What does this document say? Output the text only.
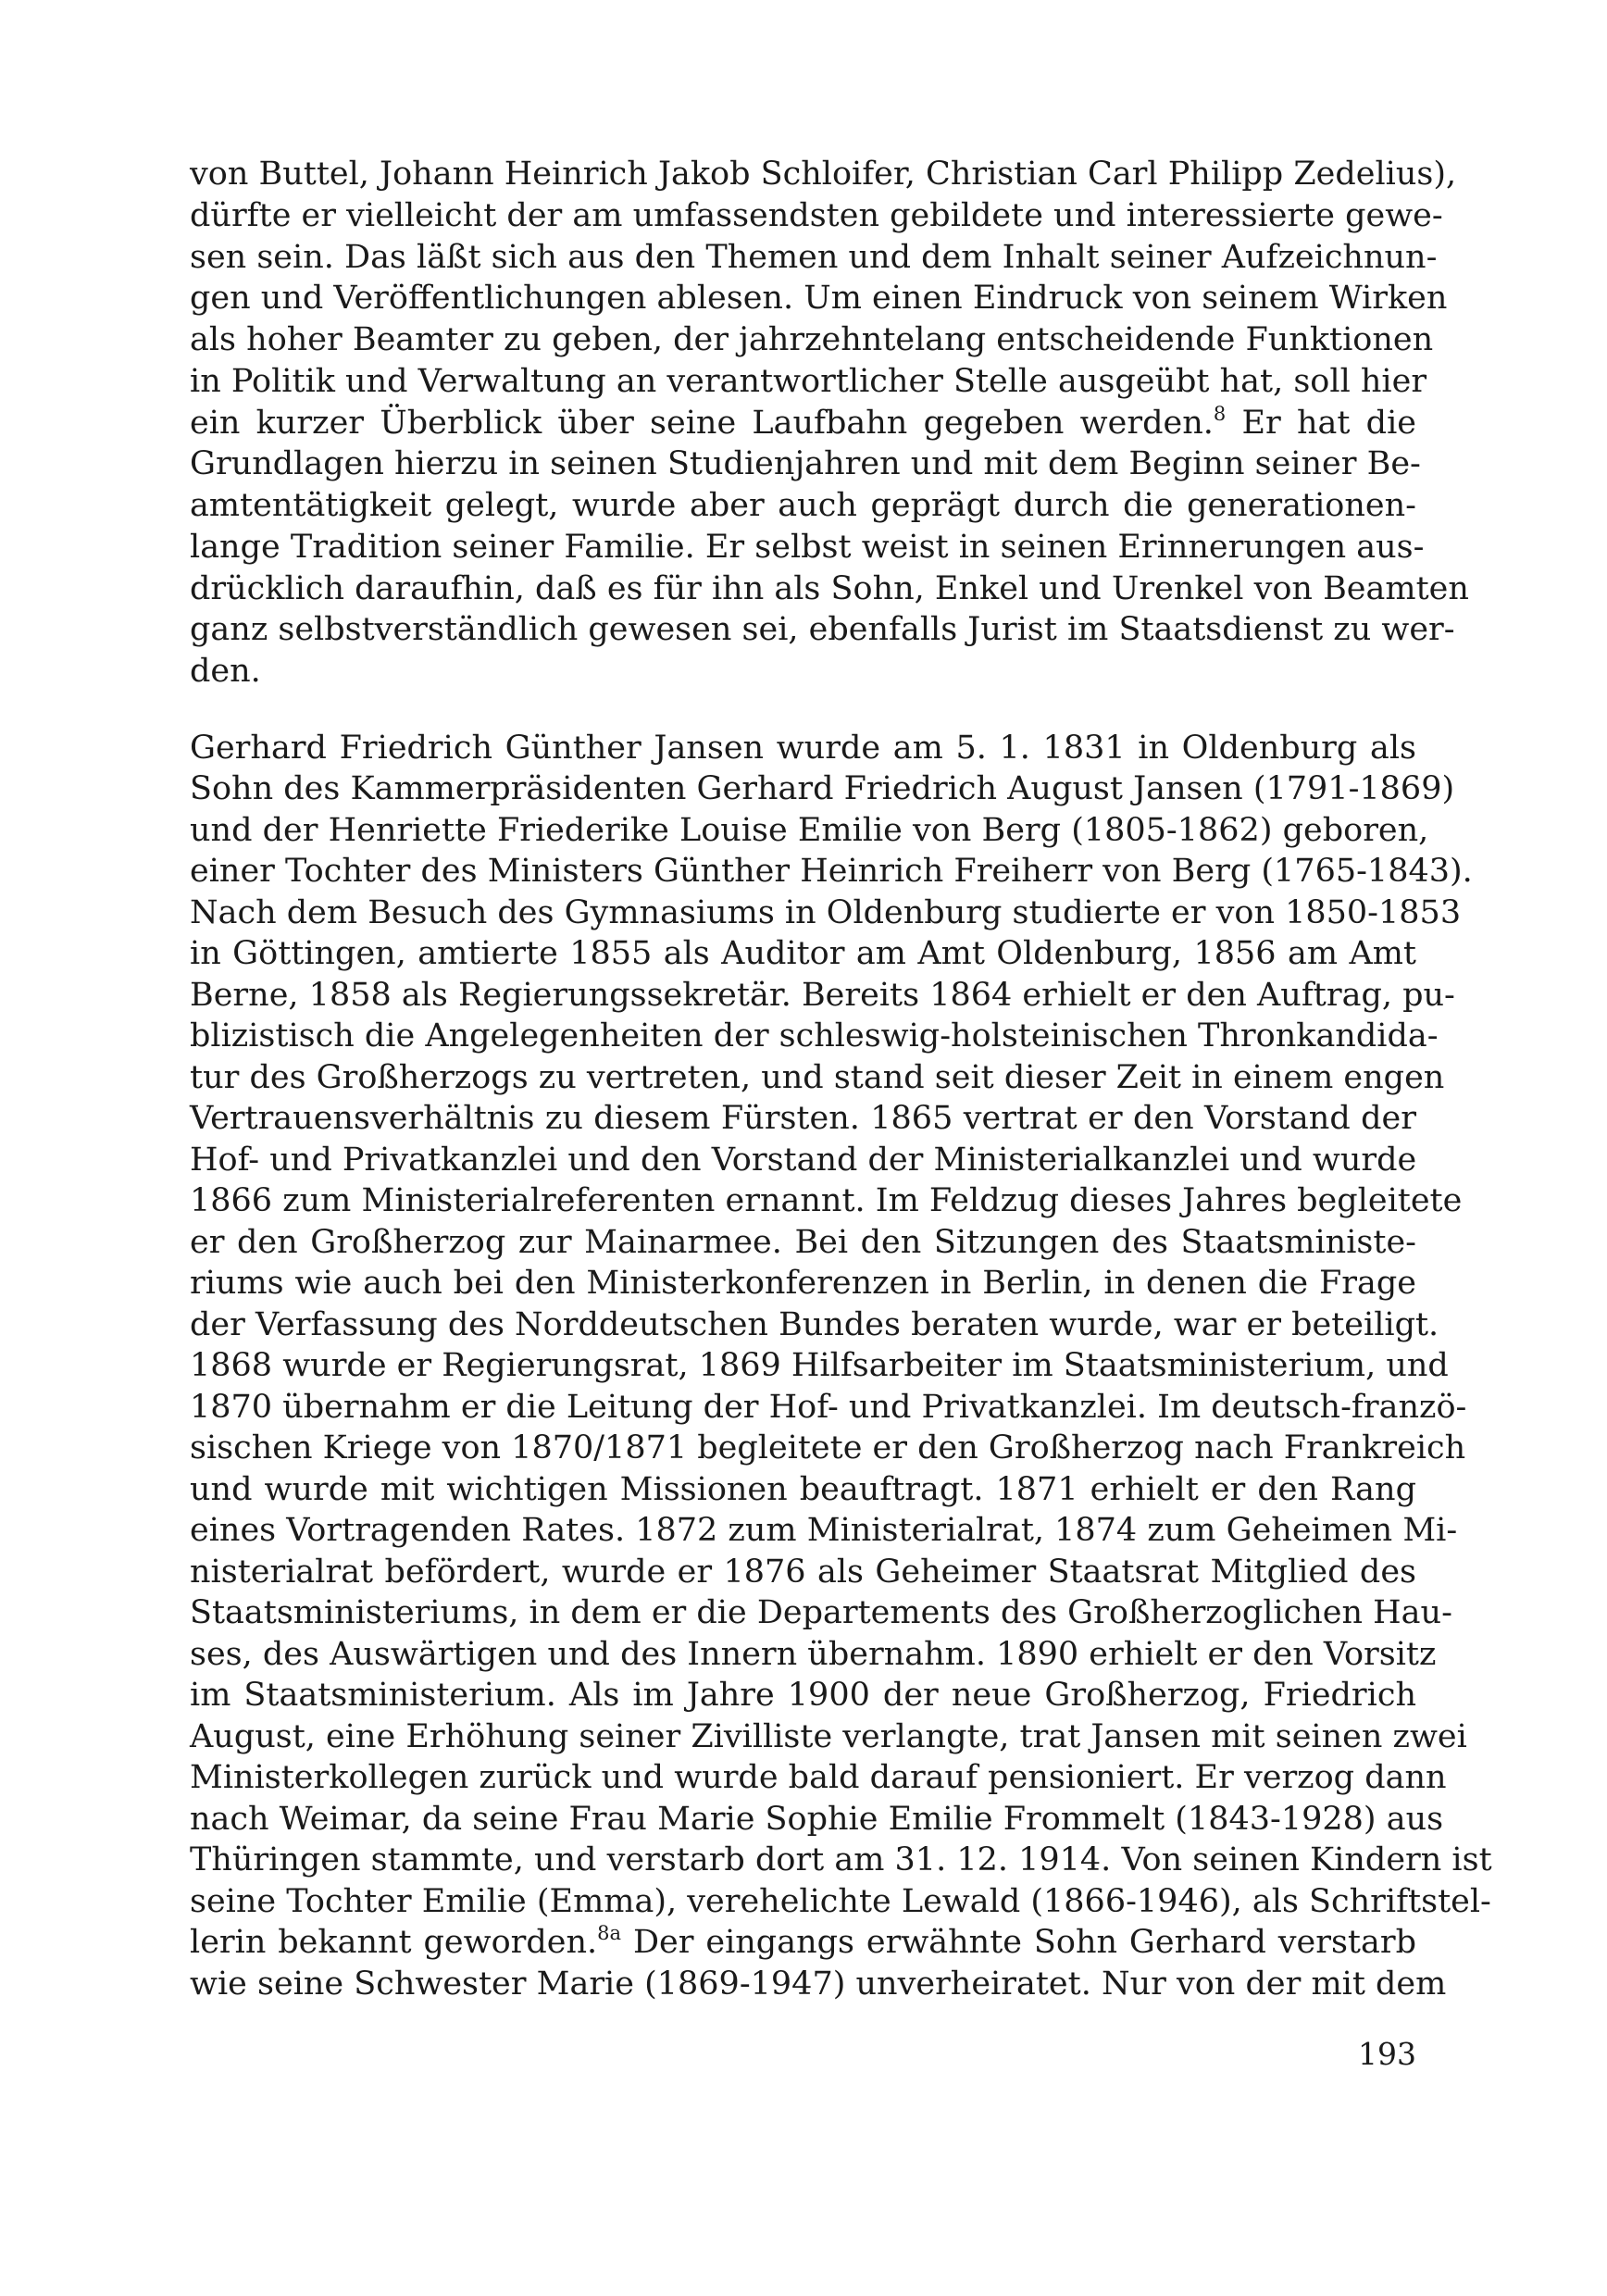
von Buttel, Johann Heinrich Jakob Schloifer, Christian Carl Philipp Zedelius),
dürfte er vielleicht der am umfassendsten gebildete und interessierte gewe-
sen sein. Das läßt sich aus den Themen und dem Inhalt seiner Aufzeichnun-
gen und Veröffentlichungen ablesen. Um einen Eindruck von seinem Wirken
als hoher Beamter zu geben, der jahrzehntelang entscheidende Funktionen
in Politik und Verwaltung an verantwortlicher Stelle ausgeübt hat, soll hier
ein kurzer Überblick über seine Laufbahn gegeben werden.$^8$ Er hat die
Grundlagen hierzu in seinen Studienjahren und mit dem Beginn seiner Be-
amtentätigkeit gelegt, wurde aber auch geprägt durch die generationen-
lange Tradition seiner Familie. Er selbst weist in seinen Erinnerungen aus-
drücklich daraufhin, daß es für ihn als Sohn, Enkel und Urenkel von Beamten
ganz selbstverständlich gewesen sei, ebenfalls Jurist im Staatsdienst zu wer-
den.
Gerhard Friedrich Günther Jansen wurde am 5. 1. 1831 in Oldenburg als
Sohn des Kammerpräsidenten Gerhard Friedrich August Jansen (1791-1869)
und der Henriette Friederike Louise Emilie von Berg (1805-1862) geboren,
einer Tochter des Ministers Günther Heinrich Freiherr von Berg (1765-1843).
Nach dem Besuch des Gymnasiums in Oldenburg studierte er von 1850-1853
in Göttingen, amtierte 1855 als Auditor am Amt Oldenburg, 1856 am Amt
Berne, 1858 als Regierungssekretär. Bereits 1864 erhielt er den Auftrag, pu-
blizistisch die Angelegenheiten der schleswig-holsteinischen Thronkandida-
tur des Großherzogs zu vertreten, und stand seit dieser Zeit in einem engen
Vertrauensverhältnis zu diesem Fürsten. 1865 vertrat er den Vorstand der
Hof- und Privatkanzlei und den Vorstand der Ministerialkanzlei und wurde
1866 zum Ministerialreferenten ernannt. Im Feldzug dieses Jahres begleitete
er den Großherzog zur Mainarmee. Bei den Sitzungen des Staatsministe-
riums wie auch bei den Ministerkonferenzen in Berlin, in denen die Frage
der Verfassung des Norddeutschen Bundes beraten wurde, war er beteiligt.
1868 wurde er Regierungsrat, 1869 Hilfsarbeiter im Staatsministerium, und
1870 übernahm er die Leitung der Hof- und Privatkanzlei. Im deutsch-franzö-
sischen Kriege von 1870/1871 begleitete er den Großherzog nach Frankreich
und wurde mit wichtigen Missionen beauftragt. 1871 erhielt er den Rang
eines Vortragenden Rates. 1872 zum Ministerialrat, 1874 zum Geheimen Mi-
nisterialrat befördert, wurde er 1876 als Geheimer Staatsrat Mitglied des
Staatsministeriums, in dem er die Departements des Großherzoglichen Hau-
ses, des Auswärtigen und des Innern übernahm. 1890 erhielt er den Vorsitz
im Staatsministerium. Als im Jahre 1900 der neue Großherzog, Friedrich
August, eine Erhöhung seiner Zivilliste verlangte, trat Jansen mit seinen zwei
Ministerkollegen zurück und wurde bald darauf pensioniert. Er verzog dann
nach Weimar, da seine Frau Marie Sophie Emilie Frommelt (1843-1928) aus
Thüringen stammte, und verstarb dort am 31. 12. 1914. Von seinen Kindern ist
seine Tochter Emilie (Emma), verehelichte Lewald (1866-1946), als Schriftstel-
lerin bekannt geworden.$^{8a}$ Der eingangs erwähnte Sohn Gerhard verstarb
wie seine Schwester Marie (1869-1947) unverheiratet. Nur von der mit dem
193
